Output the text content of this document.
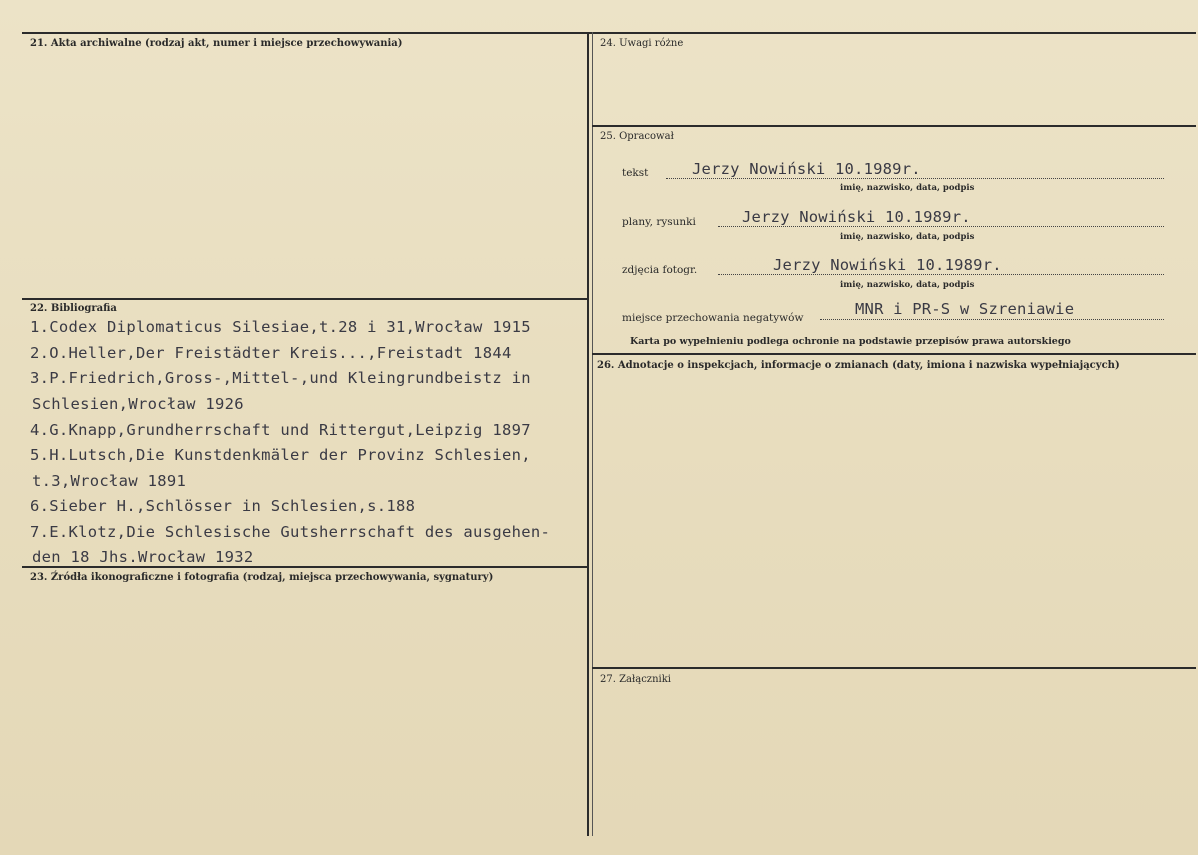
21. Akta archiwalne (rodzaj akt, numer i miejsce przechowywania)
22. Bibliografia
23. Źródła ikonograficzne i fotografia (rodzaj, miejsca przechowywania, sygnatury)
24. Uwagi różne
25. Opracował
26. Adnotacje o inspekcjach, informacje o zmianach (daty, imiona i nazwiska wypełniających)
27. Załączniki
1.Codex Diplomaticus Silesiae,t.28 i 31,Wrocław 1915
2.O.Heller,Der Freistädter Kreis...,Freistadt 1844
3.P.Friedrich,Gross-,Mittel-,und Kleingrundbeistz in
Schlesien,Wrocław 1926
4.G.Knapp,Grundherrschaft und Rittergut,Leipzig 1897
5.H.Lutsch,Die Kunstdenkmäler der Provinz Schlesien,
t.3,Wrocław 1891
6.Sieber H.,Schlösser in Schlesien,s.188
7.E.Klotz,Die Schlesische Gutsherrschaft des ausgehen-
den 18 Jhs.Wrocław 1932
tekst	Jerzy Nowiński 10.1989r.
imię, nazwisko, data, podpis
plany, rysunki	Jerzy Nowiński 10.1989r.
imię, nazwisko, data, podpis
zdjęcia fotogr.	Jerzy Nowiński 10.1989r.
imię, nazwisko, data, podpis
miejsce przechowania negatywów	MNR i PR-S w Szreniawie
Karta po wypełnieniu podlega ochronie na podstawie przepisów prawa autorskiego
